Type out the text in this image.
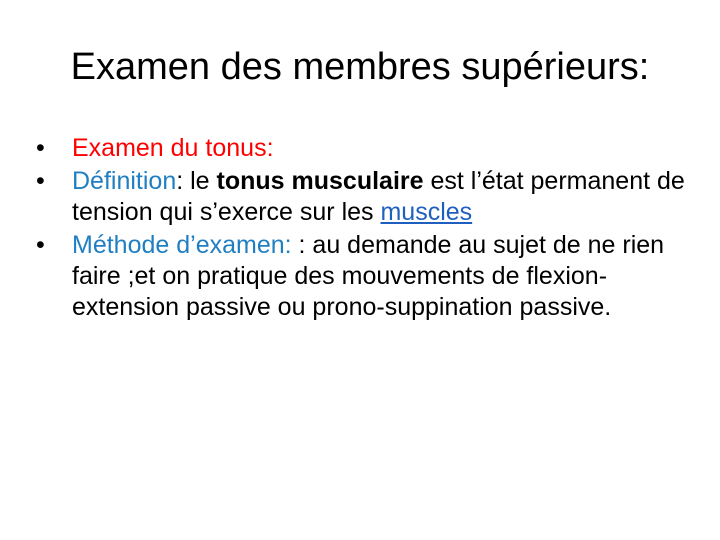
Examen des membres supérieurs:
•	Examen du tonus:
•	Définition: le tonus musculaire est l’état permanent de tension qui s’exerce sur les muscles
•	Méthode d’examen: : au demande au sujet de ne rien faire ;et on pratique des mouvements de flexion-extension passive ou prono-suppination passive.
